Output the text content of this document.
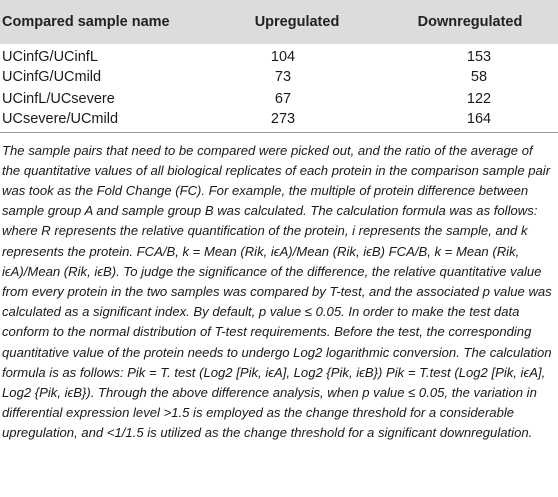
Compared sample name	Upregulated	Downregulated
UCinfG/UCinfL	104	153
UCinfG/UCmild	73	58
UCinfL/UCsevere	67	122
UCsevere/UCmild	273	164

The sample pairs that need to be compared were picked out, and the ratio of the average of the quantitative values of all biological replicates of each protein in the comparison sample pair was took as the Fold Change (FC). For example, the multiple of protein difference between sample group A and sample group B was calculated. The calculation formula was as follows: where R represents the relative quantification of the protein, i represents the sample, and k represents the protein. FCA/B, k = Mean (Rik, iϵA)/Mean (Rik, iϵB) FCA/B, k = Mean (Rik, iϵA)/Mean (Rik, iϵB). To judge the significance of the difference, the relative quantitative value from every protein in the two samples was compared by T-test, and the associated p value was calculated as a significant index. By default, p value ≤ 0.05. In order to make the test data conform to the normal distribution of T-test requirements. Before the test, the corresponding quantitative value of the protein needs to undergo Log2 logarithmic conversion. The calculation formula is as follows: Pik = T. test (Log2 [Pik, iϵA], Log2 {Pik, iϵB}) Pik = T.test (Log2 [Pik, iϵA], Log2 {Pik, iϵB}). Through the above difference analysis, when p value ≤ 0.05, the variation in differential expression level >1.5 is employed as the change threshold for a considerable upregulation, and <1/1.5 is utilized as the change threshold for a significant downregulation.
